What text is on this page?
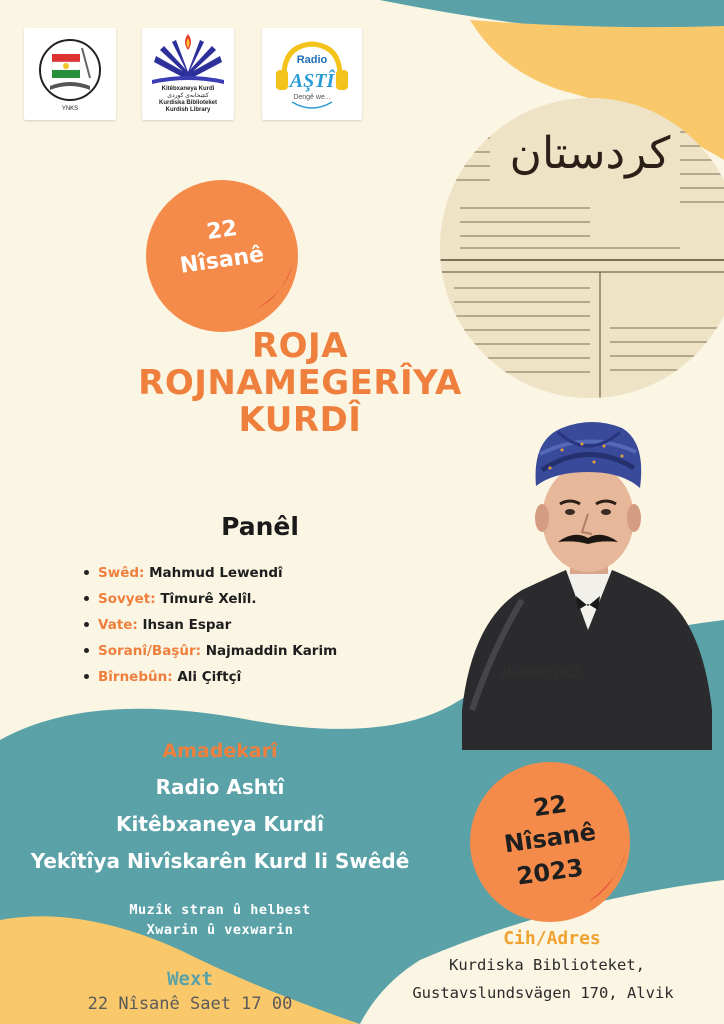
YNKS
Kitêbxaneya Kurdî
کتێبخانەی کوردی
Kurdiska Biblioteket
Kurdish Library
Radio
AŞTÎ
Dengê we...
کردستان
22
Nîsanê
ROJA
ROJNAMEGERÎYA
KURDÎ
Heqman 2023
Panêl
Swêd: Mahmud Lewendî
Sovyet: Tîmurê Xelîl.
Vate: Ihsan Espar
Soranî/Başûr: Najmaddin Karim
Bîrnebûn: Ali Çiftçî
Amadekarî
Radio Ashtî
Kitêbxaneya Kurdî
Yekîtîya Nivîskarên Kurd li Swêdê
Muzîk stran û helbest
Xwarin û vexwarin
Wext
22 Nîsanê Saet 17 00
22
Nîsanê
2023
Cih/Adres
Kurdiska Biblioteket,
Gustavslundsvägen 170, Alvik
